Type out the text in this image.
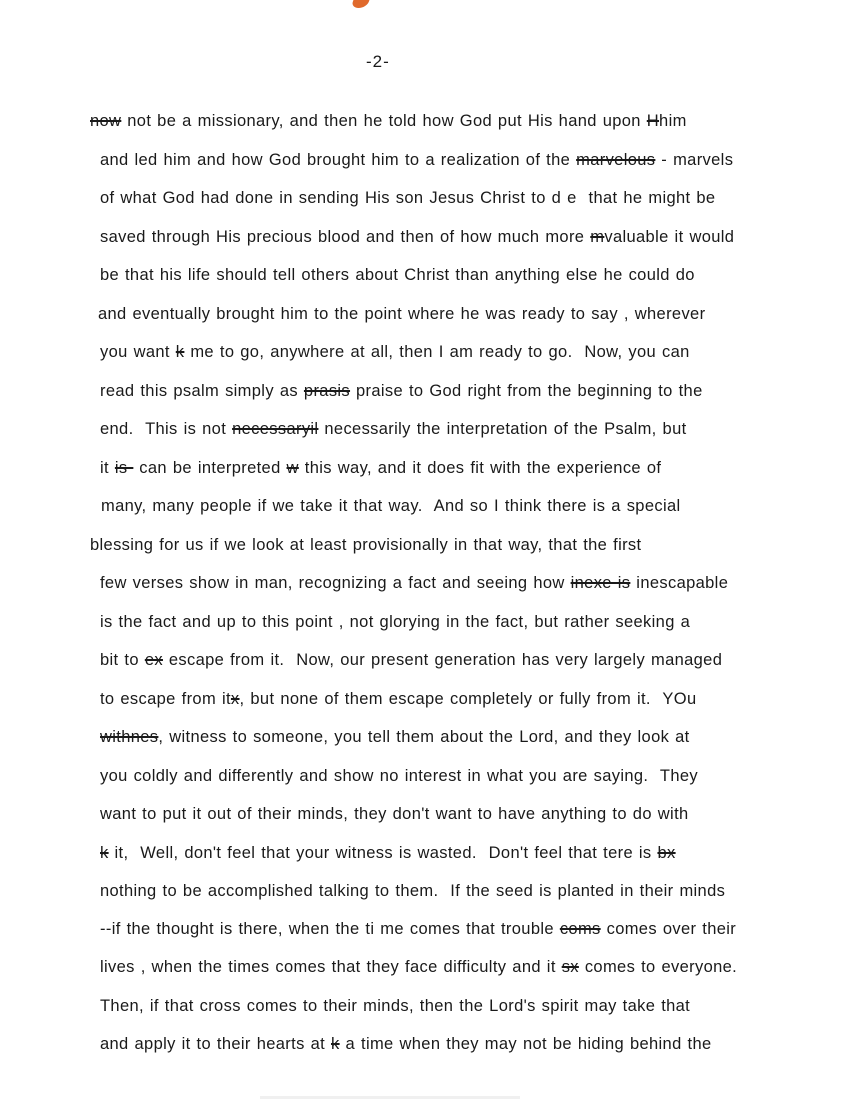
-2-
now not be a missionary, and then he told how God put His hand upon Hhim
and led him and how God brought him to a realization of the marvelous - marvels
of what God had done in sending His son Jesus Christ to d e  that he might be
saved through His precious blood and then of how much more mvaluable it would
be that his life should tell others about Christ than anything else he could do
and eventually brought him to the point where he was ready to say , wherever
you want k me to go, anywhere at all, then I am ready to go.  Now, you can
read this psalm simply as prasis praise to God right from the beginning to the
end.  This is not necessaryil necessarily the interpretation of the Psalm, but
it is- can be interpreted w this way, and it does fit with the experience of
many, many people if we take it that way.  And so I think there is a special
blessing for us if we look at least provisionally in that way, that the first
few verses show in man, recognizing a fact and seeing how inexe is inescapable
is the fact and up to this point , not glorying in the fact, but rather seeking a
bit to ex escape from it.  Now, our present generation has very largely managed
to escape from itx, but none of them escape completely or fully from it.  YOu
withnes, witness to someone, you tell them about the Lord, and they look at
you coldly and differently and show no interest in what you are saying.  They
want to put it out of their minds, they don't want to have anything to do with
k it,  Well, don't feel that your witness is wasted.  Don't feel that tere is bx
nothing to be accomplished talking to them.  If the seed is planted in their minds
--if the thought is there, when the ti me comes that trouble coms comes over their
lives , when the times comes that they face difficulty and it sx comes to everyone.
Then, if that cross comes to their minds, then the Lord's spirit may take that
and apply it to their hearts at k a time when they may not be hiding behind the
